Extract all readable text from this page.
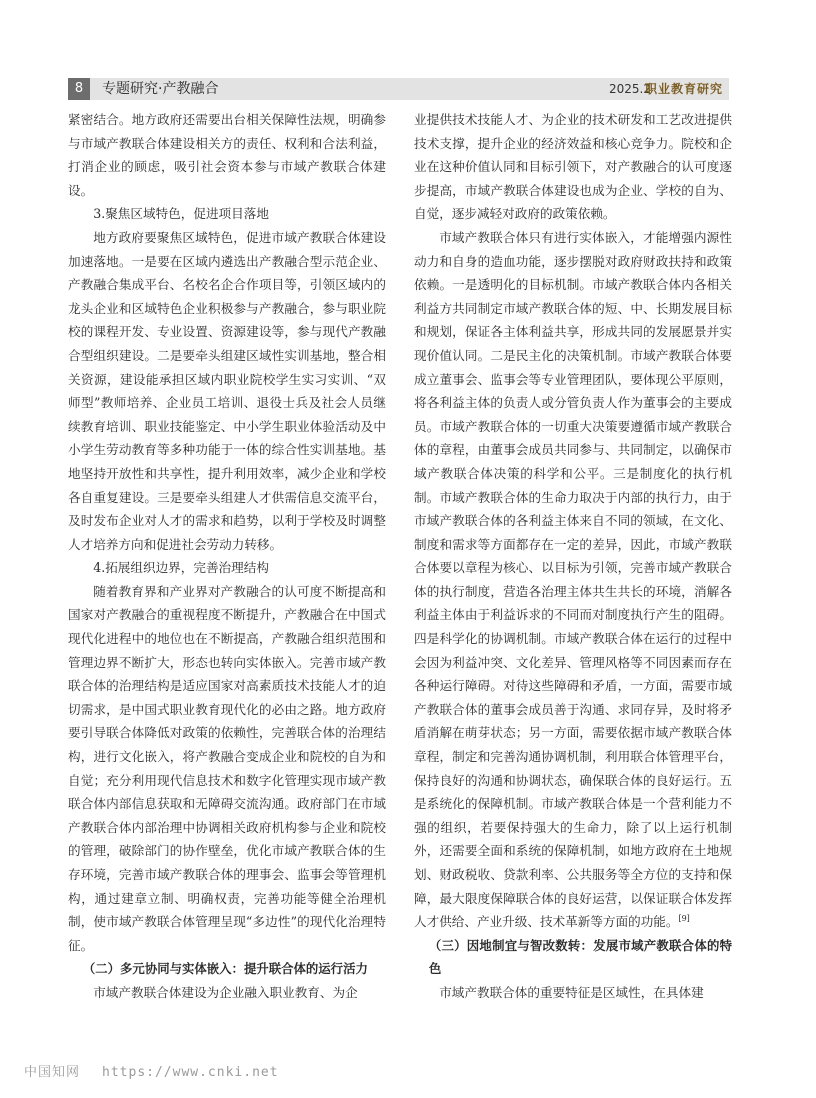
8	专题研究·产教融合	2025.2
职业教育研究

紧密结合。地方政府还需要出台相关保障性法规，明确参与市域产教联合体建设相关方的责任、权利和合法利益，打消企业的顾虑，吸引社会资本参与市域产教联合体建设。

3.聚焦区域特色，促进项目落地

地方政府要聚焦区域特色，促进市域产教联合体建设加速落地。一是要在区域内遴选出产教融合型示范企业、产教融合集成平台、名校名企合作项目等，引领区域内的龙头企业和区域特色企业积极参与产教融合，参与职业院校的课程开发、专业设置、资源建设等，参与现代产教融合型组织建设。二是要牵头组建区域性实训基地，整合相关资源，建设能承担区域内职业院校学生实习实训、“双师型”教师培养、企业员工培训、退役士兵及社会人员继续教育培训、职业技能鉴定、中小学生职业体验活动及中小学生劳动教育等多种功能于一体的综合性实训基地。基地坚持开放性和共享性，提升利用效率，减少企业和学校各自重复建设。三是要牵头组建人才供需信息交流平台，及时发布企业对人才的需求和趋势，以利于学校及时调整人才培养方向和促进社会劳动力转移。

4.拓展组织边界，完善治理结构

随着教育界和产业界对产教融合的认可度不断提高和国家对产教融合的重视程度不断提升，产教融合在中国式现代化进程中的地位也在不断提高，产教融合组织范围和管理边界不断扩大，形态也转向实体嵌入。完善市域产教联合体的治理结构是适应国家对高素质技术技能人才的迫切需求，是中国式职业教育现代化的必由之路。地方政府要引导联合体降低对政策的依赖性，完善联合体的治理结构，进行文化嵌入，将产教融合变成企业和院校的自为和自觉；充分利用现代信息技术和数字化管理实现市域产教联合体内部信息获取和无障碍交流沟通。政府部门在市域产教联合体内部治理中协调相关政府机构参与企业和院校的管理，破除部门的协作壁垒，优化市域产教联合体的生存环境，完善市域产教联合体的理事会、监事会等管理机构，通过建章立制、明确权责，完善功能等健全治理机制，使市域产教联合体管理呈现“多边性”的现代化治理特征。

（二）多元协同与实体嵌入：提升联合体的运行活力

市域产教联合体建设为企业融入职业教育、为企

业提供技术技能人才、为企业的技术研发和工艺改进提供技术支撑，提升企业的经济效益和核心竞争力。院校和企业在这种价值认同和目标引领下，对产教融合的认可度逐步提高，市域产教联合体建设也成为企业、学校的自为、自觉，逐步减轻对政府的政策依赖。

市域产教联合体只有进行实体嵌入，才能增强内源性动力和自身的造血功能，逐步摆脱对政府财政扶持和政策依赖。一是透明化的目标机制。市域产教联合体内各相关利益方共同制定市域产教联合体的短、中、长期发展目标和规划，保证各主体利益共享，形成共同的发展愿景并实现价值认同。二是民主化的决策机制。市域产教联合体要成立董事会、监事会等专业管理团队，要体现公平原则，将各利益主体的负责人或分管负责人作为董事会的主要成员。市域产教联合体的一切重大决策要遵循市域产教联合体的章程，由董事会成员共同参与、共同制定，以确保市域产教联合体决策的科学和公平。三是制度化的执行机制。市域产教联合体的生命力取决于内部的执行力，由于市域产教联合体的各利益主体来自不同的领域，在文化、制度和需求等方面都存在一定的差异，因此，市域产教联合体要以章程为核心、以目标为引领，完善市域产教联合体的执行制度，营造各治理主体共生共长的环境，消解各利益主体由于利益诉求的不同而对制度执行产生的阻碍。四是科学化的协调机制。市域产教联合体在运行的过程中会因为利益冲突、文化差异、管理风格等不同因素而存在各种运行障碍。对待这些障碍和矛盾，一方面，需要市域产教联合体的董事会成员善于沟通、求同存异，及时将矛盾消解在萌芽状态；另一方面，需要依据市域产教联合体章程，制定和完善沟通协调机制，利用联合体管理平台，保持良好的沟通和协调状态，确保联合体的良好运行。五是系统化的保障机制。市域产教联合体是一个营利能力不强的组织，若要保持强大的生命力，除了以上运行机制外，还需要全面和系统的保障机制，如地方政府在土地规划、财政税收、贷款利率、公共服务等全方位的支持和保障，最大限度保障联合体的良好运营，以保证联合体发挥人才供给、产业升级、技术革新等方面的功能。[9]

（三）因地制宜与智改数转：发展市域产教联合体的特色

市域产教联合体的重要特征是区域性，在具体建

中国知网 https://www.cnki.net
